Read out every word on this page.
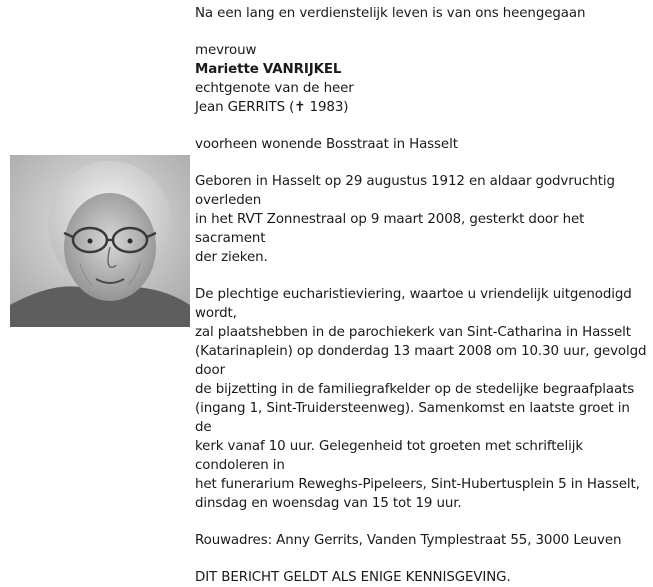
Na een lang en verdienstelijk leven is van ons heengegaan

mevrouw

Mariette VANRIJKEL

echtgenote van de heer

Jean GERRITS (✝ 1983)

voorheen wonende Bosstraat in Hasselt

Geboren in Hasselt op 29 augustus 1912 en aldaar godvruchtig overleden
in het RVT Zonnestraal op 9 maart 2008, gesterkt door het sacrament
der zieken.

De plechtige eucharistieviering, waartoe u vriendelijk uitgenodigd wordt,
zal plaatshebben in de parochiekerk van Sint-Catharina in Hasselt
(Katarinaplein) op donderdag 13 maart 2008 om 10.30 uur, gevolgd door
de bijzetting in de familiegrafkelder op de stedelijke begraafplaats
(ingang 1, Sint-Truidersteenweg). Samenkomst en laatste groet in de
kerk vanaf 10 uur. Gelegenheid tot groeten met schriftelijk condoleren in
het funerarium Reweghs-Pipeleers, Sint-Hubertusplein 5 in Hasselt,
dinsdag en woensdag van 15 tot 19 uur.

Rouwadres: Anny Gerrits, Vanden Tymplestraat 55, 3000 Leuven

DIT BERICHT GELDT ALS ENIGE KENNISGEVING.
